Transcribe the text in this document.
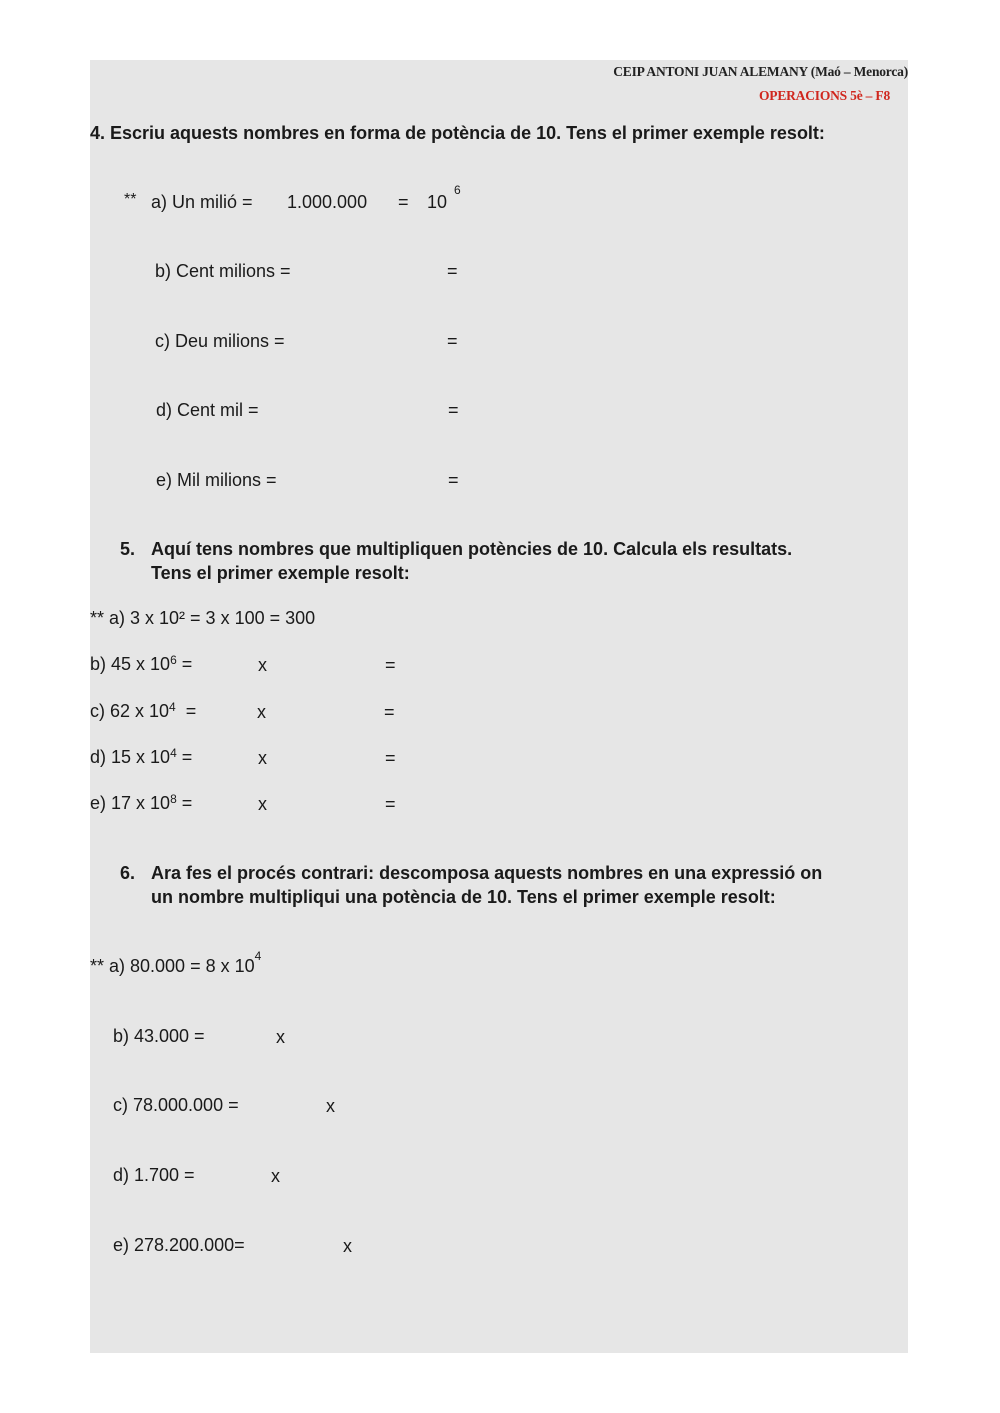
CEIP ANTONI JUAN ALEMANY (Maó – Menorca)
OPERACIONS 5è – F8
4. Escriu aquests nombres en forma de potència de 10. Tens el primer exemple resolt:
** a) Un milió = 1.000.000 = 10
6
b) Cent milions =	=
c) Deu milions =	=
d) Cent mil =	=
e) Mil milions =	=
5. Aquí tens nombres que multipliquen potències de 10. Calcula els resultats.
Tens el primer exemple resolt:
** a) 3 x 10² = 3 x 100 = 300
b) 45 x $10^6$ =	x	=
c) 62 x $10^4$ =	x	=
d) 15 x $10^4$ =	x	=
e) 17 x $10^8$ =	x	=
6. Ara fes el procés contrari: descomposa aquests nombres en una expressió on
un nombre multipliqui una potència de 10. Tens el primer exemple resolt:
** a) 80.000 = 8 x $10^4$
b) 43.000 =	x
c) 78.000.000 =	x
d) 1.700 =	x
e) 278.200.000=	x
